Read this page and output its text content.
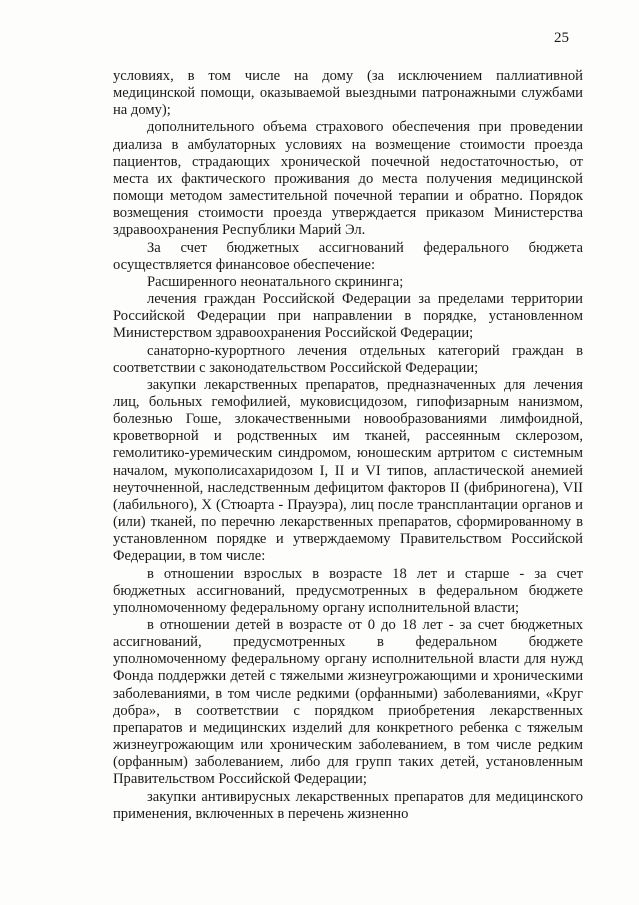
25

условиях, в том числе на дому (за исключением паллиативной медицинской помощи, оказываемой выездными патронажными службами на дому);

дополнительного объема страхового обеспечения при проведении диализа в амбулаторных условиях на возмещение стоимости проезда пациентов, страдающих хронической почечной недостаточностью, от места их фактического проживания до места получения медицинской помощи методом заместительной почечной терапии и обратно. Порядок возмещения стоимости проезда утверждается приказом Министерства здравоохранения Республики Марий Эл.

За счет бюджетных ассигнований федерального бюджета осуществляется финансовое обеспечение:

Расширенного неонатального скрининга;

лечения граждан Российской Федерации за пределами территории Российской Федерации при направлении в порядке, установленном Министерством здравоохранения Российской Федерации;

санаторно-курортного лечения отдельных категорий граждан в соответствии с законодательством Российской Федерации;

закупки лекарственных препаратов, предназначенных для лечения лиц, больных гемофилией, муковисцидозом, гипофизарным нанизмом, болезнью Гоше, злокачественными новообразованиями лимфоидной, кроветворной и родственных им тканей, рассеянным склерозом, гемолитико-уремическим синдромом, юношеским артритом с системным началом, мукополисахаридозом I, II и VI типов, апластической анемией неуточненной, наследственным дефицитом факторов II (фибриногена), VII (лабильного), X (Стюарта - Прауэра), лиц после трансплантации органов и (или) тканей, по перечню лекарственных препаратов, сформированному в установленном порядке и утверждаемому Правительством Российской Федерации, в том числе:

в отношении взрослых в возрасте 18 лет и старше - за счет бюджетных ассигнований, предусмотренных в федеральном бюджете уполномоченному федеральному органу исполнительной власти;

в отношении детей в возрасте от 0 до 18 лет - за счет бюджетных ассигнований, предусмотренных в федеральном бюджете уполномоченному федеральному органу исполнительной власти для нужд Фонда поддержки детей с тяжелыми жизнеугрожающими и хроническими заболеваниями, в том числе редкими (орфанными) заболеваниями, «Круг добра», в соответствии с порядком приобретения лекарственных препаратов и медицинских изделий для конкретного ребенка с тяжелым жизнеугрожающим или хроническим заболеванием, в том числе редким (орфанным) заболеванием, либо для групп таких детей, установленным Правительством Российской Федерации;

закупки антивирусных лекарственных препаратов для медицинского применения, включенных в перечень жизненно
